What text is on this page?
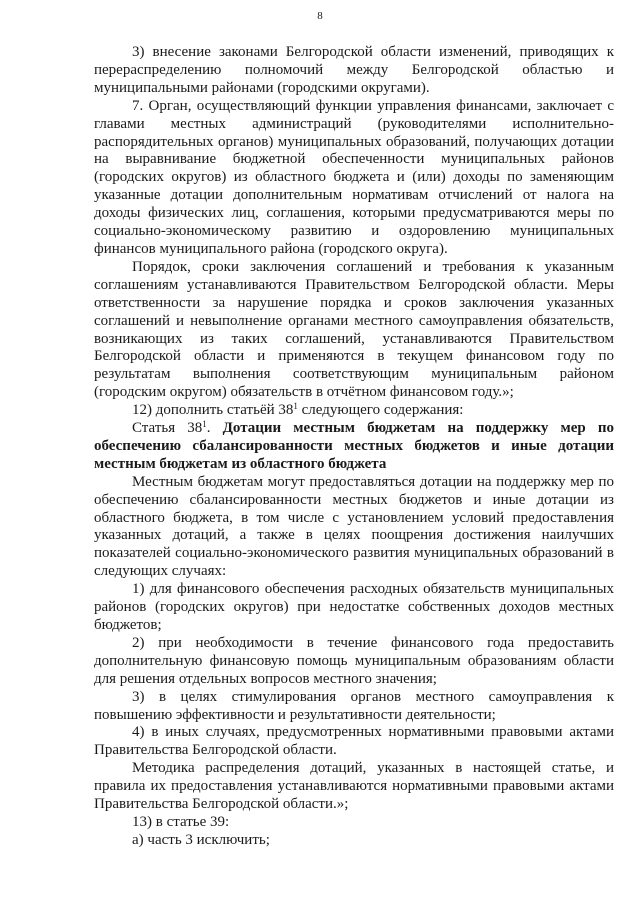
8

3) внесение законами Белгородской области изменений, приводящих к перераспределению полномочий между Белгородской областью и муниципальными районами (городскими округами).

7. Орган, осуществляющий функции управления финансами, заключает с главами местных администраций (руководителями исполнительно-распорядительных органов) муниципальных образований, получающих дотации на выравнивание бюджетной обеспеченности муниципальных районов (городских округов) из областного бюджета и (или) доходы по заменяющим указанные дотации дополнительным нормативам отчислений от налога на доходы физических лиц, соглашения, которыми предусматриваются меры по социально-экономическому развитию и оздоровлению муниципальных финансов муниципального района (городского округа).

Порядок, сроки заключения соглашений и требования к указанным соглашениям устанавливаются Правительством Белгородской области. Меры ответственности за нарушение порядка и сроков заключения указанных соглашений и невыполнение органами местного самоуправления обязательств, возникающих из таких соглашений, устанавливаются Правительством Белгородской области и применяются в текущем финансовом году по результатам выполнения соответствующим муниципальным районом (городским округом) обязательств в отчётном финансовом году.»;

12) дополнить статьёй $38^1$ следующего содержания:

Статья $38^1$. Дотации местным бюджетам на поддержку мер по обеспечению сбалансированности местных бюджетов и иные дотации местным бюджетам из областного бюджета

Местным бюджетам могут предоставляться дотации на поддержку мер по обеспечению сбалансированности местных бюджетов и иные дотации из областного бюджета, в том числе с установлением условий предоставления указанных дотаций, а также в целях поощрения достижения наилучших показателей социально-экономического развития муниципальных образований в следующих случаях:

1) для финансового обеспечения расходных обязательств муниципальных районов (городских округов) при недостатке собственных доходов местных бюджетов;

2) при необходимости в течение финансового года предоставить дополнительную финансовую помощь муниципальным образованиям области для решения отдельных вопросов местного значения;

3) в целях стимулирования органов местного самоуправления к повышению эффективности и результативности деятельности;

4) в иных случаях, предусмотренных нормативными правовыми актами Правительства Белгородской области.

Методика распределения дотаций, указанных в настоящей статье, и правила их предоставления устанавливаются нормативными правовыми актами Правительства Белгородской области.»;

13) в статье 39:

а) часть 3 исключить;
